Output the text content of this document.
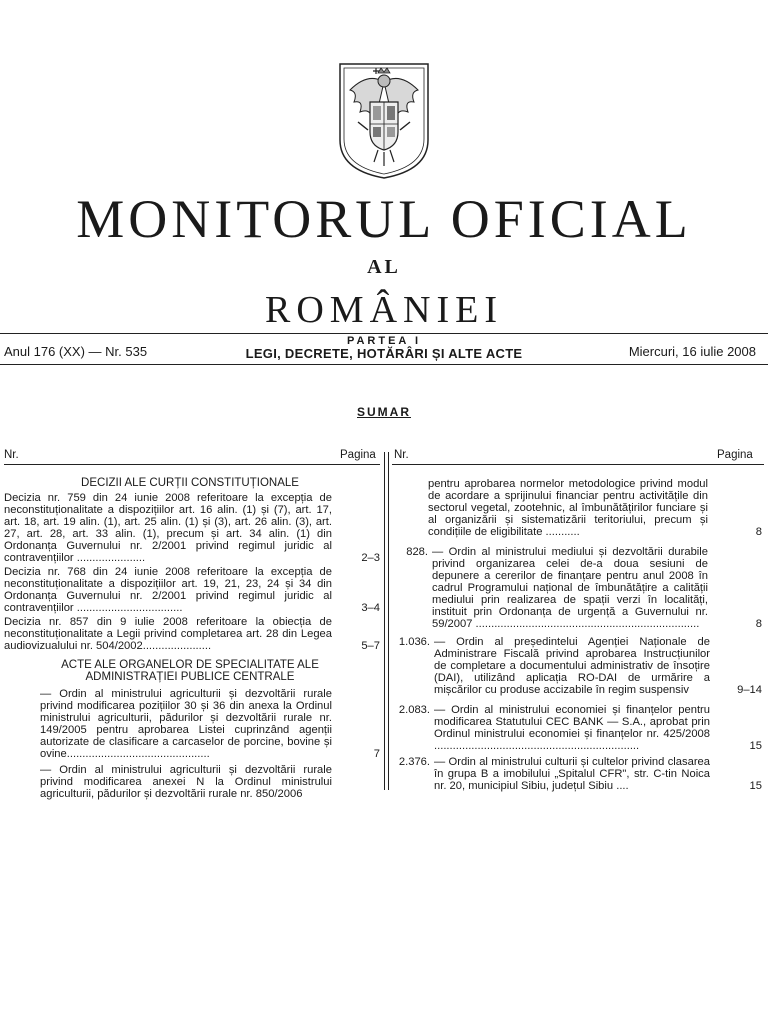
MONITORUL OFICIAL
AL
ROMÂNIEI
PARTEA I
LEGI, DECRETE, HOTĂRÂRI ȘI ALTE ACTE
Anul 176 (XX) — Nr. 535	Miercuri, 16 iulie 2008
SUMAR
Nr.	Pagina Nr.	Pagina
DECIZII ALE CURȚII CONSTITUȚIONALE
Decizia nr. 759 din 24 iunie 2008 referitoare la excepția de neconstituționalitate a dispozițiilor art. 16 alin. (1) și (7), art. 17, art. 18, art. 19 alin. (1), art. 25 alin. (1) și (3), art. 26 alin. (3), art. 27, art. 28, art. 33 alin. (1), precum și art. 34 alin. (1) din Ordonanța Guvernului nr. 2/2001 privind regimul juridic al contravențiilor ......................	2–3
Decizia nr. 768 din 24 iunie 2008 referitoare la excepția de neconstituționalitate a dispozițiilor art. 19, 21, 23, 24 și 34 din Ordonanța Guvernului nr. 2/2001 privind regimul juridic al contravențiilor ..................................	3–4
Decizia nr. 857 din 9 iulie 2008 referitoare la obiecția de neconstituționalitate a Legii privind completarea art. 28 din Legea audiovizualului nr. 504/2002......................	5–7
ACTE ALE ORGANELOR DE SPECIALITATE ALE ADMINISTRAȚIEI PUBLICE CENTRALE
— Ordin al ministrului agriculturii și dezvoltării rurale privind modificarea pozițiilor 30 și 36 din anexa la Ordinul ministrului agriculturii, pădurilor și dezvoltării rurale nr. 149/2005 pentru aprobarea Listei cuprinzând agenții autorizate de clasificare a carcaselor de porcine, bovine și ovine..............................................	7
— Ordin al ministrului agriculturii și dezvoltării rurale privind modificarea anexei N la Ordinul ministrului agriculturii, pădurilor și dezvoltării rurale nr. 850/2006
pentru aprobarea normelor metodologice privind modul de acordare a sprijinului financiar pentru activitățile din sectorul vegetal, zootehnic, al îmbunătățirilor funciare și al organizării și sistematizării teritoriului, precum și condițiile de eligibilitate ...........	8
828. — Ordin al ministrului mediului și dezvoltării durabile privind organizarea celei de-a doua sesiuni de depunere a cererilor de finanțare pentru anul 2008 în cadrul Programului național de îmbunătățire a calității mediului prin realizarea de spații verzi în localități, instituit prin Ordonanța de urgență a Guvernului nr. 59/2007 ........................................................................	8
1.036. — Ordin al președintelui Agenției Naționale de Administrare Fiscală privind aprobarea Instrucțiunilor de completare a documentului administrativ de însoțire (DAI), utilizând aplicația RO-DAI de urmărire a mișcărilor cu produse accizabile în regim suspensiv	9–14
2.083. — Ordin al ministrului economiei și finanțelor pentru modificarea Statutului CEC BANK — S.A., aprobat prin Ordinul ministrului economiei și finanțelor nr. 425/2008 ..................................................................	15
2.376. — Ordin al ministrului culturii și cultelor privind clasarea în grupa B a imobilului „Spitalul CFR", str. C-tin Noica nr. 20, municipiul Sibiu, județul Sibiu ....	15
